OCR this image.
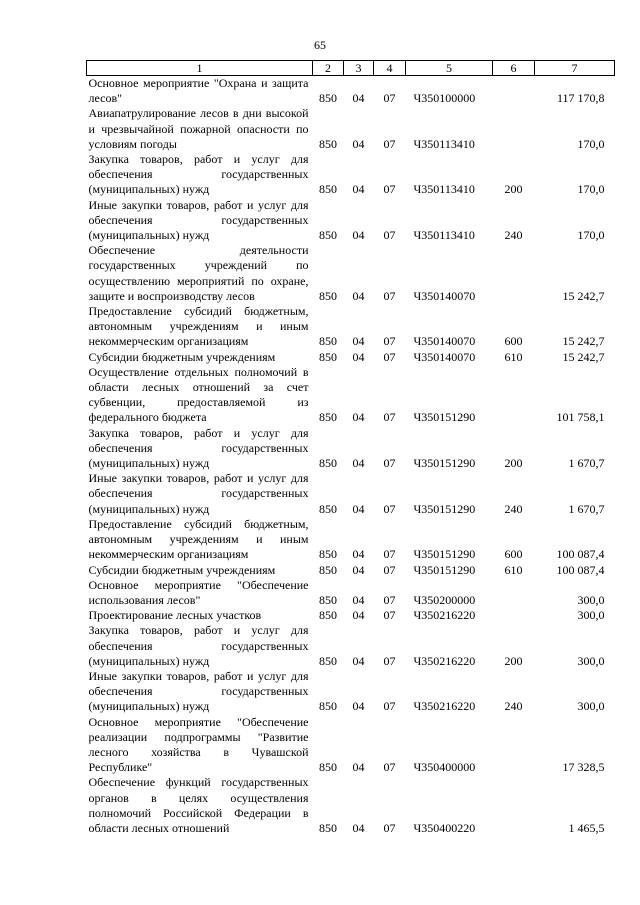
65
1	2	3	4	5	6	7
Основное мероприятие "Охрана и защита лесов"	850	04	07	Ч350100000		117 170,8
Авиапатрулирование лесов в дни высокой и чрезвычайной пожарной опасности по условиям погоды	850	04	07	Ч350113410		170,0
Закупка товаров, работ и услуг для обеспечения государственных (муниципальных) нужд	850	04	07	Ч350113410	200	170,0
Иные закупки товаров, работ и услуг для обеспечения государственных (муниципальных) нужд	850	04	07	Ч350113410	240	170,0
Обеспечение деятельности государственных учреждений по осуществлению мероприятий по охране, защите и воспроизводству лесов	850	04	07	Ч350140070		15 242,7
Предоставление субсидий бюджетным, автономным учреждениям и иным некоммерческим организациям	850	04	07	Ч350140070	600	15 242,7
Субсидии бюджетным учреждениям	850	04	07	Ч350140070	610	15 242,7
Осуществление отдельных полномочий в области лесных отношений за счет субвенции, предоставляемой из федерального бюджета	850	04	07	Ч350151290		101 758,1
Закупка товаров, работ и услуг для обеспечения государственных (муниципальных) нужд	850	04	07	Ч350151290	200	1 670,7
Иные закупки товаров, работ и услуг для обеспечения государственных (муниципальных) нужд	850	04	07	Ч350151290	240	1 670,7
Предоставление субсидий бюджетным, автономным учреждениям и иным некоммерческим организациям	850	04	07	Ч350151290	600	100 087,4
Субсидии бюджетным учреждениям	850	04	07	Ч350151290	610	100 087,4
Основное мероприятие "Обеспечение использования лесов"	850	04	07	Ч350200000		300,0
Проектирование лесных участков	850	04	07	Ч350216220		300,0
Закупка товаров, работ и услуг для обеспечения государственных (муниципальных) нужд	850	04	07	Ч350216220	200	300,0
Иные закупки товаров, работ и услуг для обеспечения государственных (муниципальных) нужд	850	04	07	Ч350216220	240	300,0
Основное мероприятие "Обеспечение реализации подпрограммы "Развитие лесного хозяйства в Чувашской Республике"	850	04	07	Ч350400000		17 328,5
Обеспечение функций государственных органов в целях осуществления полномочий Российской Федерации в области лесных отношений	850	04	07	Ч350400220		1 465,5
